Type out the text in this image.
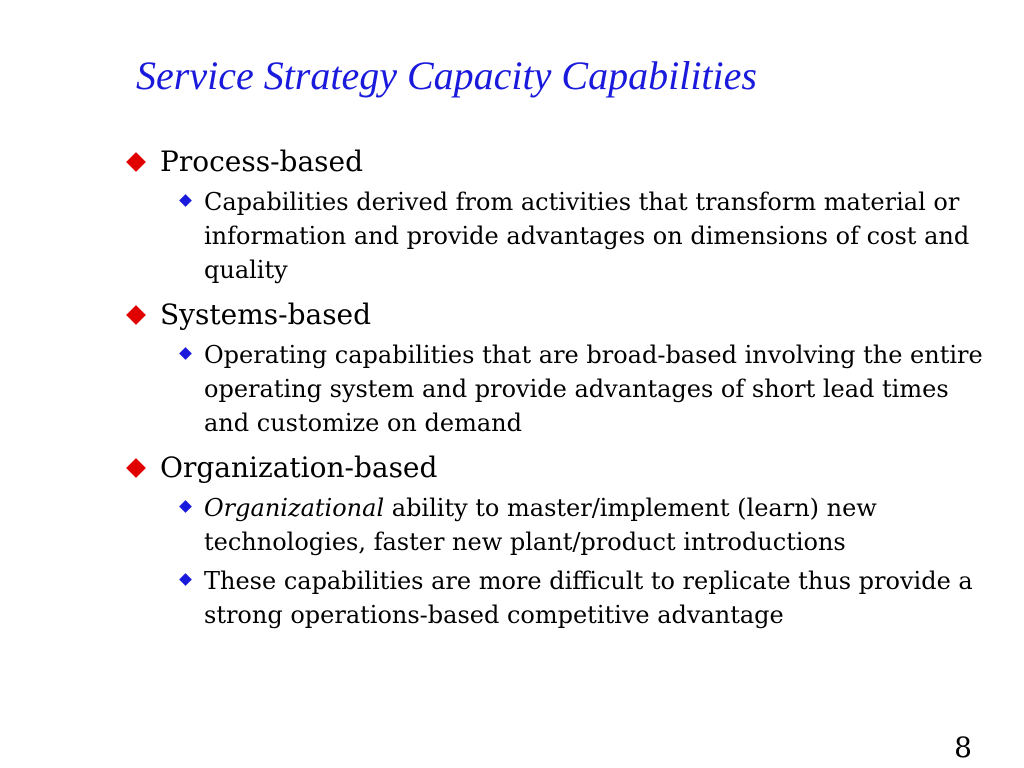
Service Strategy Capacity Capabilities
Process-based
Capabilities derived from activities that transform material or information and provide advantages on dimensions of cost and quality
Systems-based
Operating capabilities that are broad-based involving the entire operating system and provide advantages of short lead times and customize on demand
Organization-based
Organizational ability to master/implement (learn) new technologies, faster new plant/product introductions
These capabilities are more difficult to replicate thus provide a strong operations-based competitive advantage
8
